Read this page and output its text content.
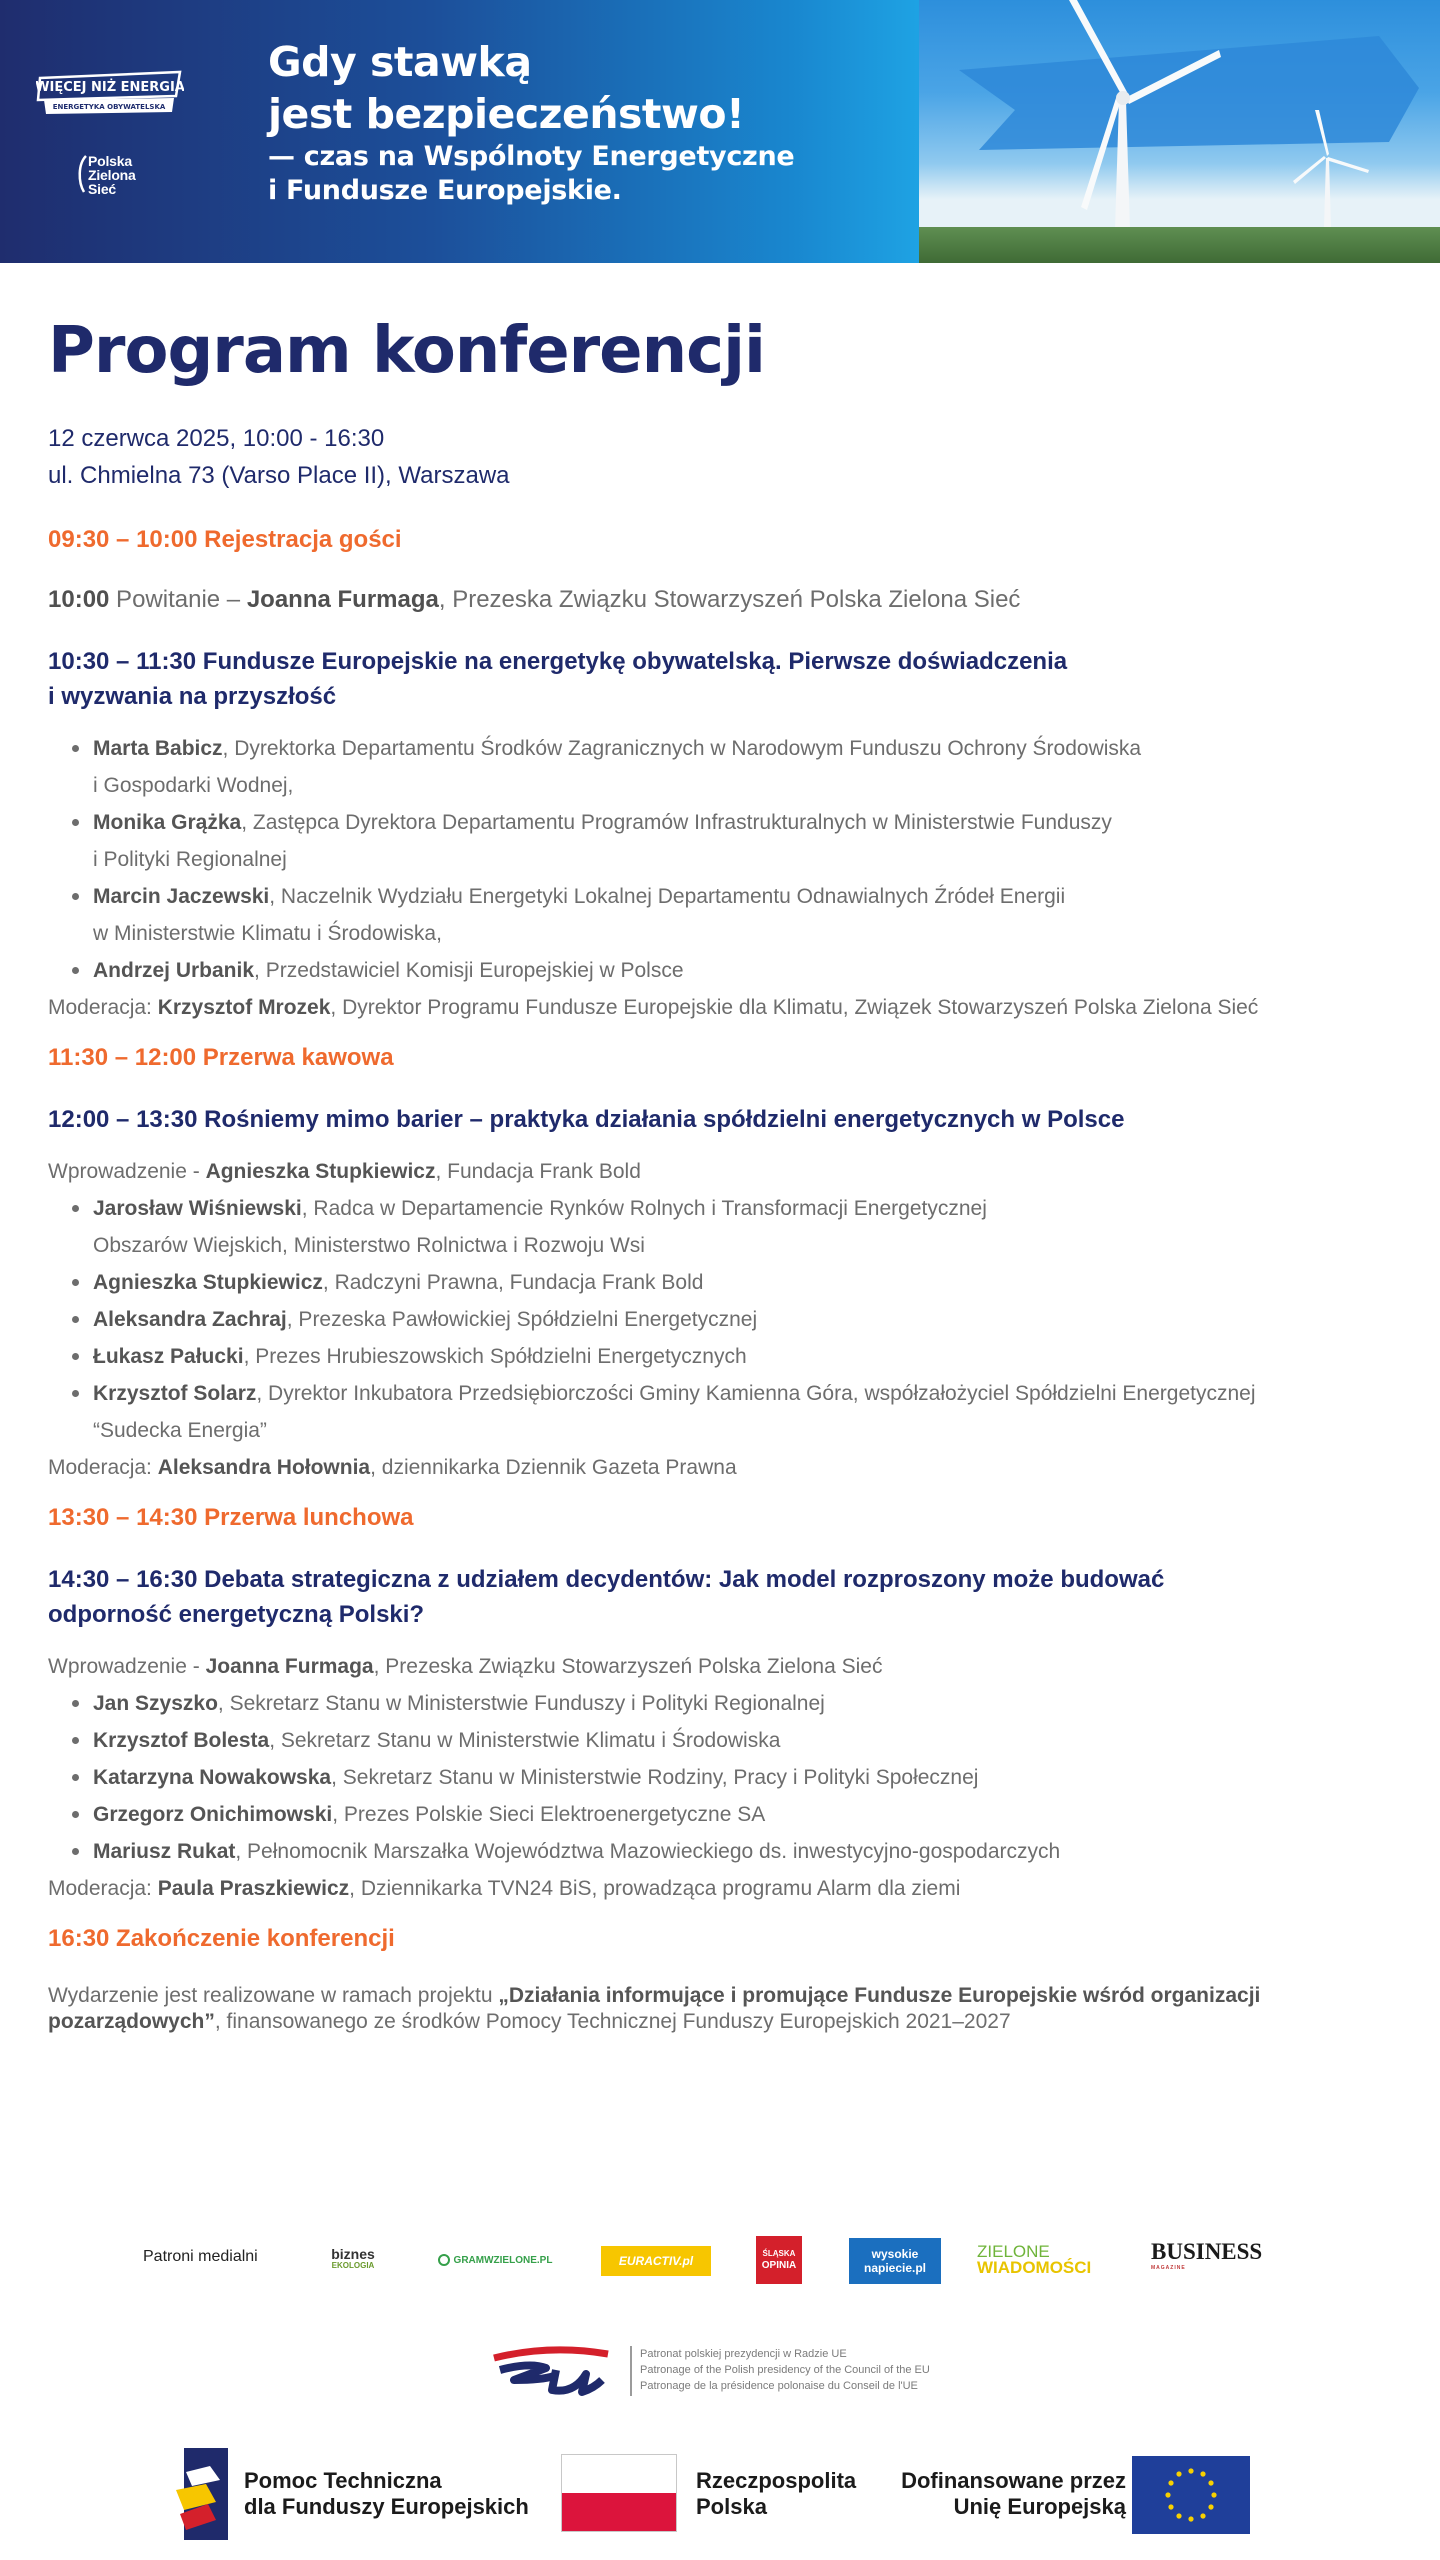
WIĘCEJ NIŻ ENERGIA
ENERGETYKA OBYWATELSKA
Polska
Zielona
Sieć
Gdy stawką
jest bezpieczeństwo!
— czas na Wspólnoty Energetyczne
i Fundusze Europejskie.
Program konferencji
12 czerwca 2025, 10:00 - 16:30
ul. Chmielna 73 (Varso Place II), Warszawa
09:30 – 10:00 Rejestracja gości
10:00 Powitanie – Joanna Furmaga, Prezeska Związku Stowarzyszeń Polska Zielona Sieć
10:30 – 11:30 Fundusze Europejskie na energetykę obywatelską. Pierwsze doświadczenia
i wyzwania na przyszłość
Marta Babicz, Dyrektorka Departamentu Środków Zagranicznych w Narodowym Funduszu Ochrony Środowiska
i Gospodarki Wodnej,
Monika Grążka, Zastępca Dyrektora Departamentu Programów Infrastrukturalnych w Ministerstwie Funduszy
i Polityki Regionalnej
Marcin Jaczewski, Naczelnik Wydziału Energetyki Lokalnej Departamentu Odnawialnych Źródeł Energii
w Ministerstwie Klimatu i Środowiska,
Andrzej Urbanik, Przedstawiciel Komisji Europejskiej w Polsce
Moderacja: Krzysztof Mrozek, Dyrektor Programu Fundusze Europejskie dla Klimatu, Związek Stowarzyszeń Polska Zielona Sieć
11:30 – 12:00 Przerwa kawowa
12:00 – 13:30 Rośniemy mimo barier – praktyka działania spółdzielni energetycznych w Polsce
Wprowadzenie - Agnieszka Stupkiewicz, Fundacja Frank Bold
Jarosław Wiśniewski, Radca w Departamencie Rynków Rolnych i Transformacji Energetycznej
Obszarów Wiejskich, Ministerstwo Rolnictwa i Rozwoju Wsi
Agnieszka Stupkiewicz, Radczyni Prawna, Fundacja Frank Bold
Aleksandra Zachraj, Prezeska Pawłowickiej Spółdzielni Energetycznej
Łukasz Pałucki, Prezes Hrubieszowskich Spółdzielni Energetycznych
Krzysztof Solarz, Dyrektor Inkubatora Przedsiębiorczości Gminy Kamienna Góra, współzałożyciel Spółdzielni Energetycznej
“Sudecka Energia”
Moderacja: Aleksandra Hołownia, dziennikarka Dziennik Gazeta Prawna
13:30 – 14:30 Przerwa lunchowa
14:30 – 16:30 Debata strategiczna z udziałem decydentów: Jak model rozproszony może budować
odporność energetyczną Polski?
Wprowadzenie - Joanna Furmaga, Prezeska Związku Stowarzyszeń Polska Zielona Sieć
Jan Szyszko, Sekretarz Stanu w Ministerstwie Funduszy i Polityki Regionalnej
Krzysztof Bolesta, Sekretarz Stanu w Ministerstwie Klimatu i Środowiska
Katarzyna Nowakowska, Sekretarz Stanu w Ministerstwie Rodziny, Pracy i Polityki Społecznej
Grzegorz Onichimowski, Prezes Polskie Sieci Elektroenergetyczne SA
Mariusz Rukat, Pełnomocnik Marszałka Województwa Mazowieckiego ds. inwestycyjno-gospodarczych
Moderacja: Paula Praszkiewicz, Dziennikarka TVN24 BiS, prowadząca programu Alarm dla ziemi
16:30 Zakończenie konferencji
Wydarzenie jest realizowane w ramach projektu „Działania informujące i promujące Fundusze Europejskie wśród organizacji
pozarządowych”, finansowanego ze środków Pomocy Technicznej Funduszy Europejskich 2021–2027
Patroni medialni	biznes
EKOLOGIA	GRAMWZIELONE.PL	EURACTIV.pl
ŚLĄSKA
OPINIA
wysokie
napiecie.pl
ZIELONE
WIADOMOŚCI
BUSINESS
MAGAZINE
Patronat polskiej prezydencji w Radzie UE
Patronage of the Polish presidency of the Council of the EU
Patronage de la présidence polonaise du Conseil de l'UE
Pomoc Techniczna
dla Funduszy Europejskich
Rzeczpospolita
Polska
Dofinansowane przez
Unię Europejską
